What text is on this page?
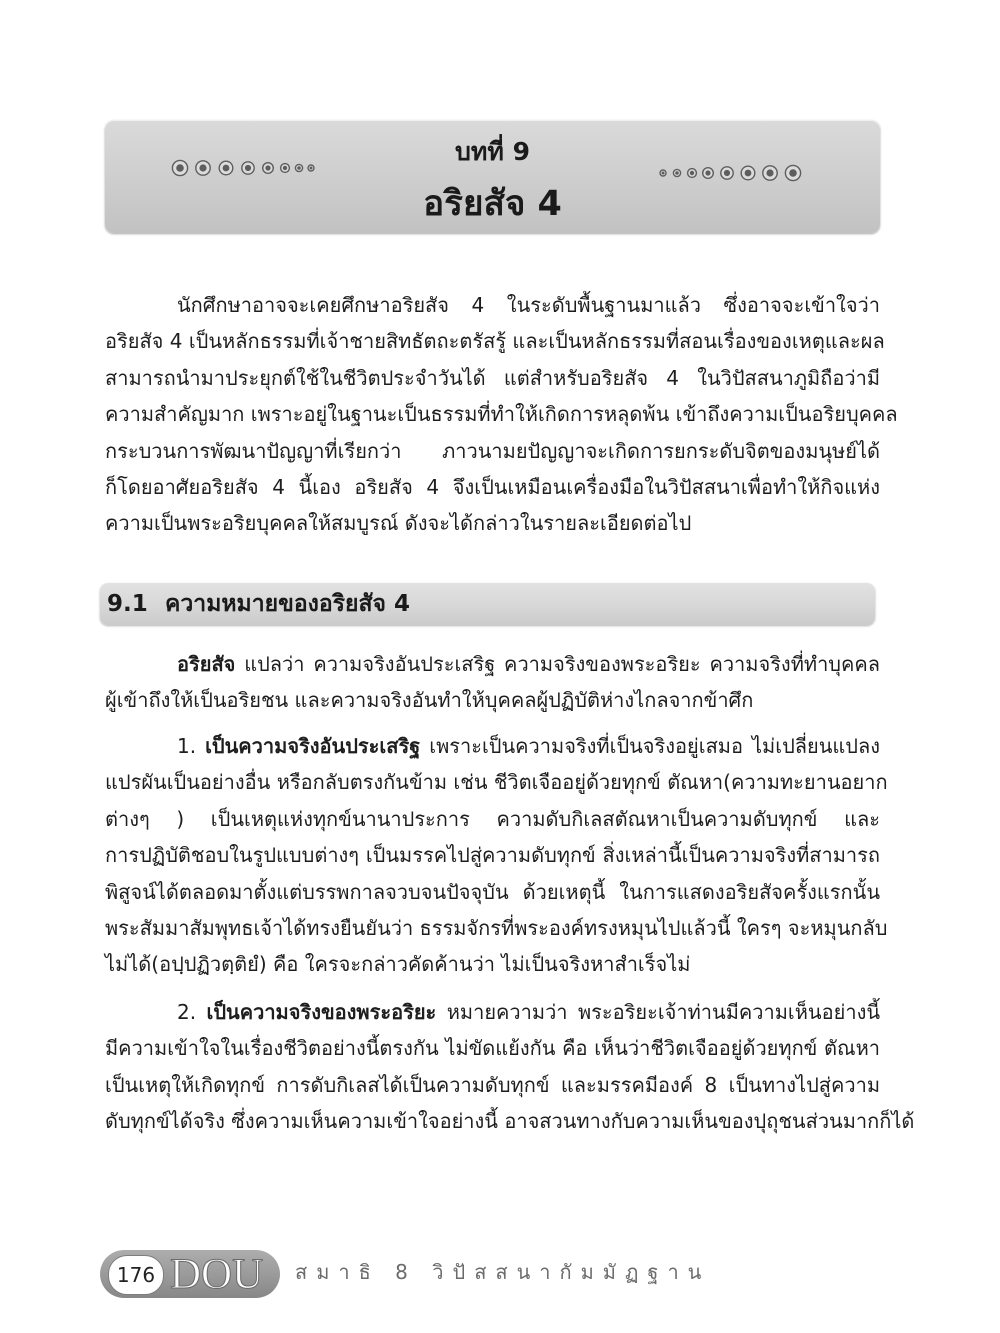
บทที่ 9
อริยสัจ 4
นักศึกษาอาจจะเคยศึกษาอริยสัจ 4 ในระดับพื้นฐานมาแล้ว ซึ่งอาจจะเข้าใจว่า
อริยสัจ 4 เป็นหลักธรรมที่เจ้าชายสิทธัตถะตรัสรู้ และเป็นหลักธรรมที่สอนเรื่องของเหตุและผล
สามารถนำมาประยุกต์ใช้ในชีวิตประจำวันได้ แต่สำหรับอริยสัจ 4 ในวิปัสสนาภูมิถือว่ามี
ความสำคัญมาก เพราะอยู่ในฐานะเป็นธรรมที่ทำให้เกิดการหลุดพ้น เข้าถึงความเป็นอริยบุคคล
กระบวนการพัฒนาปัญญาที่เรียกว่า ภาวนามยปัญญาจะเกิดการยกระดับจิตของมนุษย์ได้
ก็โดยอาศัยอริยสัจ 4 นี้เอง อริยสัจ 4 จึงเป็นเหมือนเครื่องมือในวิปัสสนาเพื่อทำให้กิจแห่ง
ความเป็นพระอริยบุคคลให้สมบูรณ์ ดังจะได้กล่าวในรายละเอียดต่อไป
9.1 ความหมายของอริยสัจ 4
อริยสัจ แปลว่า ความจริงอันประเสริฐ ความจริงของพระอริยะ ความจริงที่ทำบุคคล
ผู้เข้าถึงให้เป็นอริยชน และความจริงอันทำให้บุคคลผู้ปฏิบัติห่างไกลจากข้าศึก
1. เป็นความจริงอันประเสริฐ เพราะเป็นความจริงที่เป็นจริงอยู่เสมอ ไม่เปลี่ยนแปลง
แปรผันเป็นอย่างอื่น หรือกลับตรงกันข้าม เช่น ชีวิตเจืออยู่ด้วยทุกข์ ตัณหา(ความทะยานอยาก
ต่างๆ ) เป็นเหตุแห่งทุกข์นานาประการ ความดับกิเลสตัณหาเป็นความดับทุกข์ และ
การปฏิบัติชอบในรูปแบบต่างๆ เป็นมรรคไปสู่ความดับทุกข์ สิ่งเหล่านี้เป็นความจริงที่สามารถ
พิสูจน์ได้ตลอดมาตั้งแต่บรรพกาลจวบจนปัจจุบัน ด้วยเหตุนี้ ในการแสดงอริยสัจครั้งแรกนั้น
พระสัมมาสัมพุทธเจ้าได้ทรงยืนยันว่า ธรรมจักรที่พระองค์ทรงหมุนไปแล้วนี้ ใครๆ จะหมุนกลับ
ไม่ได้(อปฺปฏิวตฺติยํ) คือ ใครจะกล่าวคัดค้านว่า ไม่เป็นจริงหาสำเร็จไม่
2. เป็นความจริงของพระอริยะ หมายความว่า พระอริยะเจ้าท่านมีความเห็นอย่างนี้
มีความเข้าใจในเรื่องชีวิตอย่างนี้ตรงกัน ไม่ขัดแย้งกัน คือ เห็นว่าชีวิตเจืออยู่ด้วยทุกข์ ตัณหา
เป็นเหตุให้เกิดทุกข์ การดับกิเลสได้เป็นความดับทุกข์ และมรรคมีองค์ 8 เป็นทางไปสู่ความ
ดับทุกข์ได้จริง ซึ่งความเห็นความเข้าใจอย่างนี้ อาจสวนทางกับความเห็นของปุถุชนส่วนมากก็ได้
176 DOU สมาธิ 8 วิปัสสนากัมมัฏฐาน
